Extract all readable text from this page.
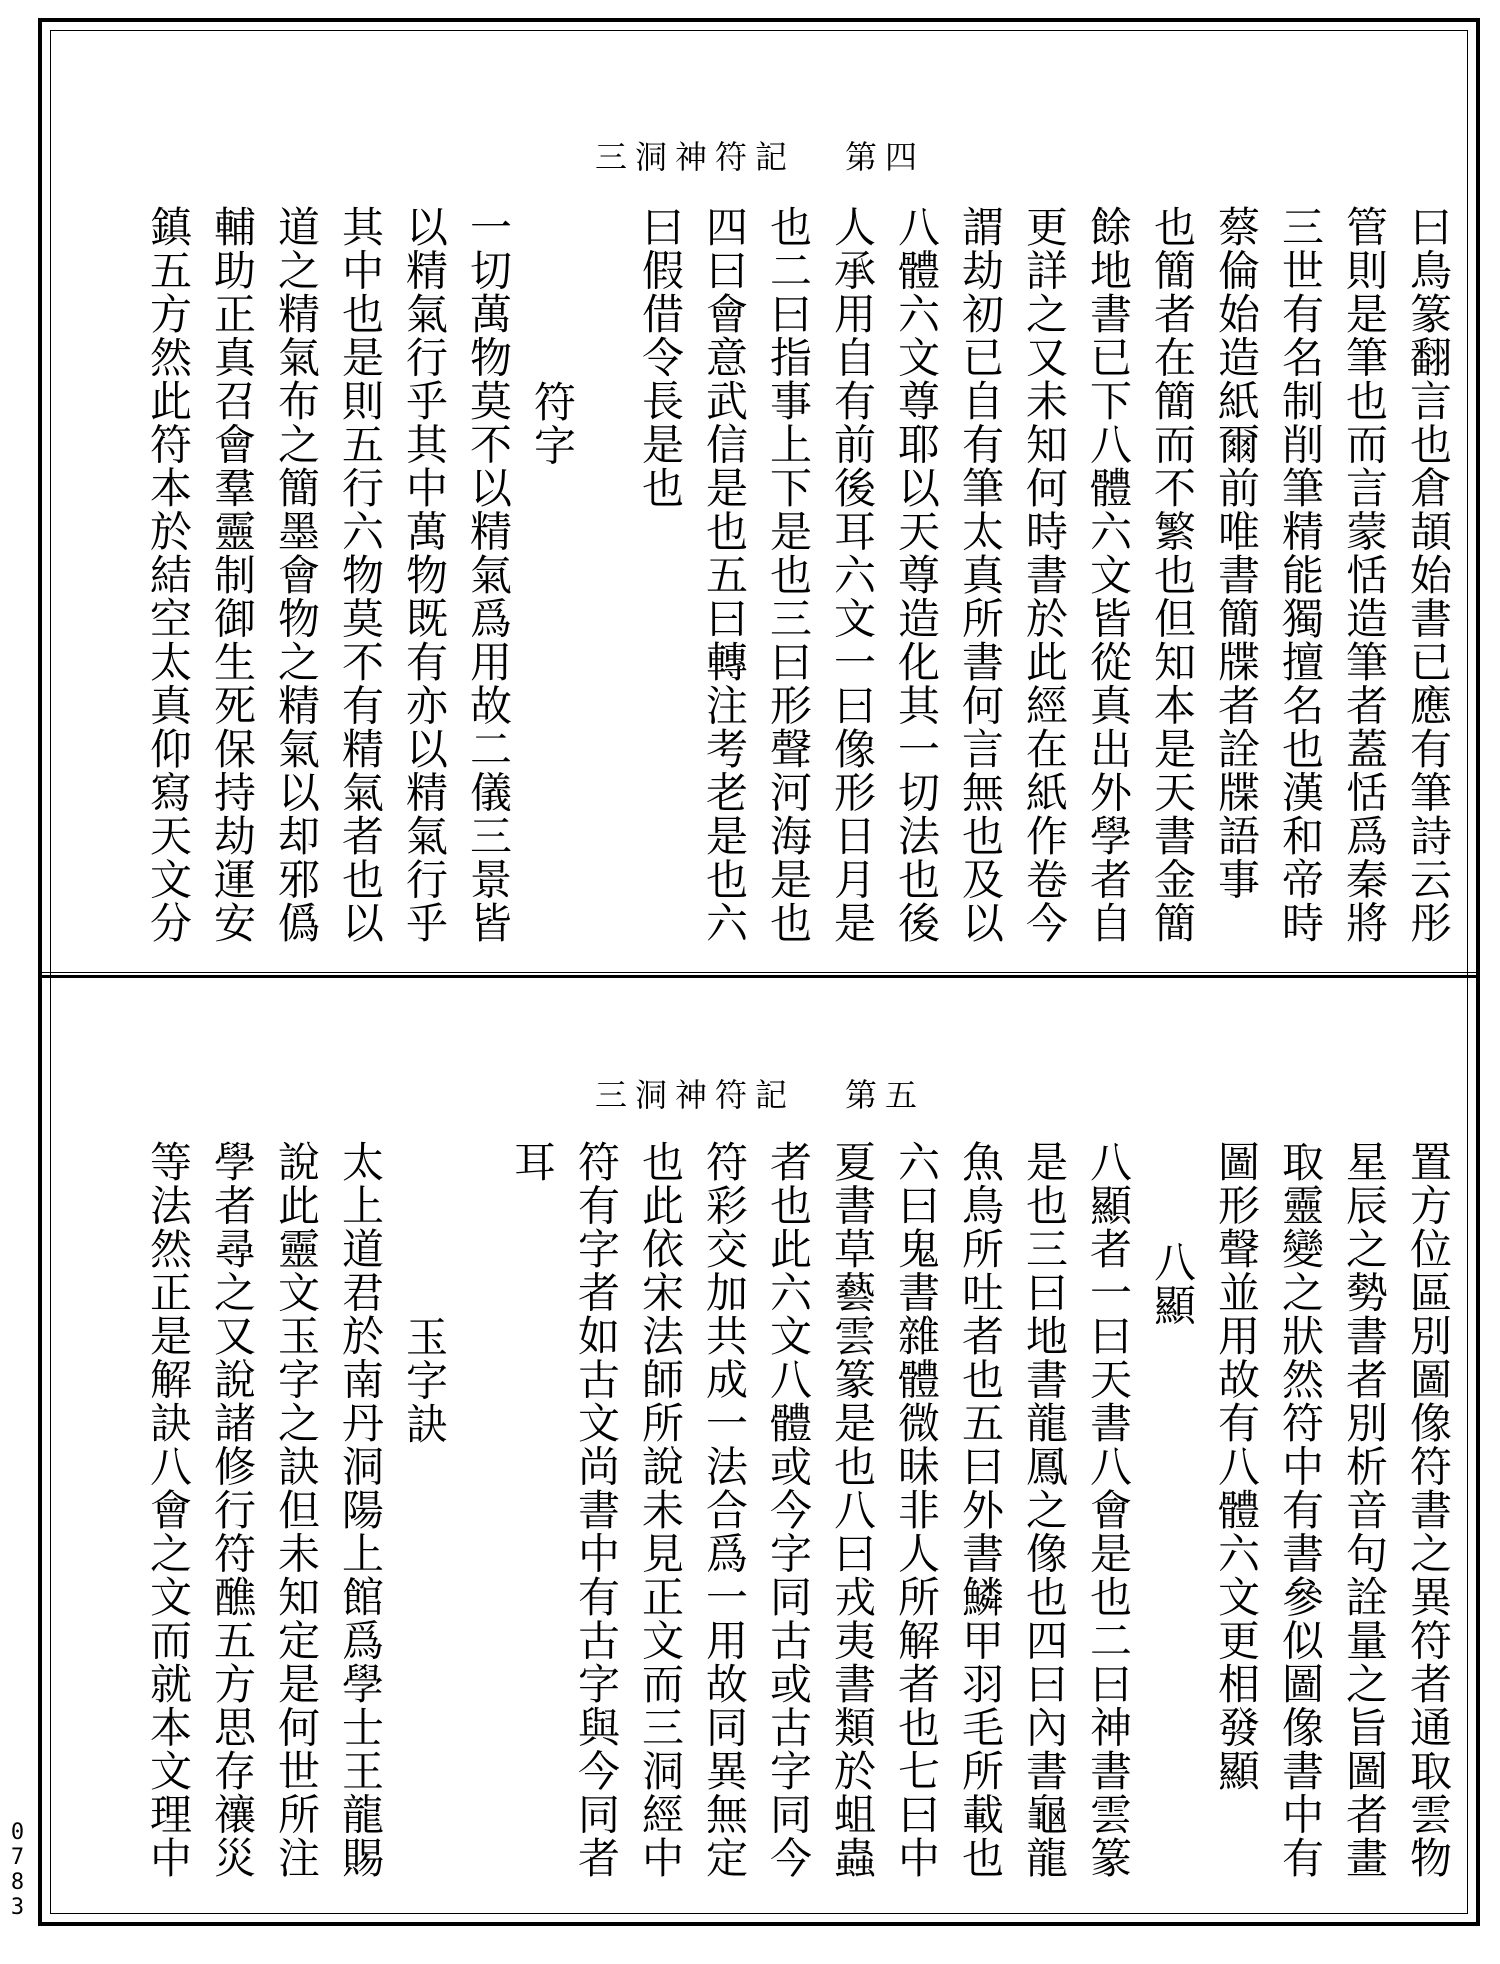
三洞神符記 第四
曰鳥篆翻言也倉頡始書已應有筆詩云彤
管則是筆也而言蒙恬造筆者蓋恬爲秦將
三世有名制削筆精能獨擅名也漢和帝時
蔡倫始造紙爾前唯書簡牒者詮牒語事
也簡者在簡而不繁也但知本是天書金簡
餘地書已下八體六文皆從真出外學者自
更詳之又未知何時書於此經在紙作卷今
謂劫初已自有筆太真所書何言無也及以
八體六文尊耶以天尊造化其一切法也後
人承用自有前後耳六文一曰像形日月是
也二曰指事上下是也三曰形聲河海是也
四曰會意武信是也五曰轉注考老是也六
曰假借令長是也
符字
一切萬物莫不以精氣爲用故二儀三景皆
以精氣行乎其中萬物既有亦以精氣行乎
其中也是則五行六物莫不有精氣者也以
道之精氣布之簡墨會物之精氣以却邪僞
輔助正真召會羣靈制御生死保持劫運安
鎮五方然此符本於結空太真仰寫天文分
三洞神符記 第五
置方位區別圖像符書之異符者通取雲物
星辰之勢書者別析音句詮量之旨圖者畫
取靈變之狀然符中有書參似圖像書中有
圖形聲並用故有八體六文更相發顯
八顯
八顯者一曰天書八會是也二曰神書雲篆
是也三曰地書龍鳳之像也四曰內書龜龍
魚鳥所吐者也五曰外書鱗甲羽毛所載也
六曰鬼書雜體微昧非人所解者也七曰中
夏書草藝雲篆是也八曰戎夷書類於蛆蟲
者也此六文八體或今字同古或古字同今
符彩交加共成一法合爲一用故同異無定
也此依宋法師所說未見正文而三洞經中
符有字者如古文尚書中有古字與今同者
耳
玉字訣
太上道君於南丹洞陽上館爲學士王龍賜
說此靈文玉字之訣但未知定是何世所注
學者尋之又說諸修行符醮五方思存禳災
等法然正是解訣八會之文而就本文理中
0783
